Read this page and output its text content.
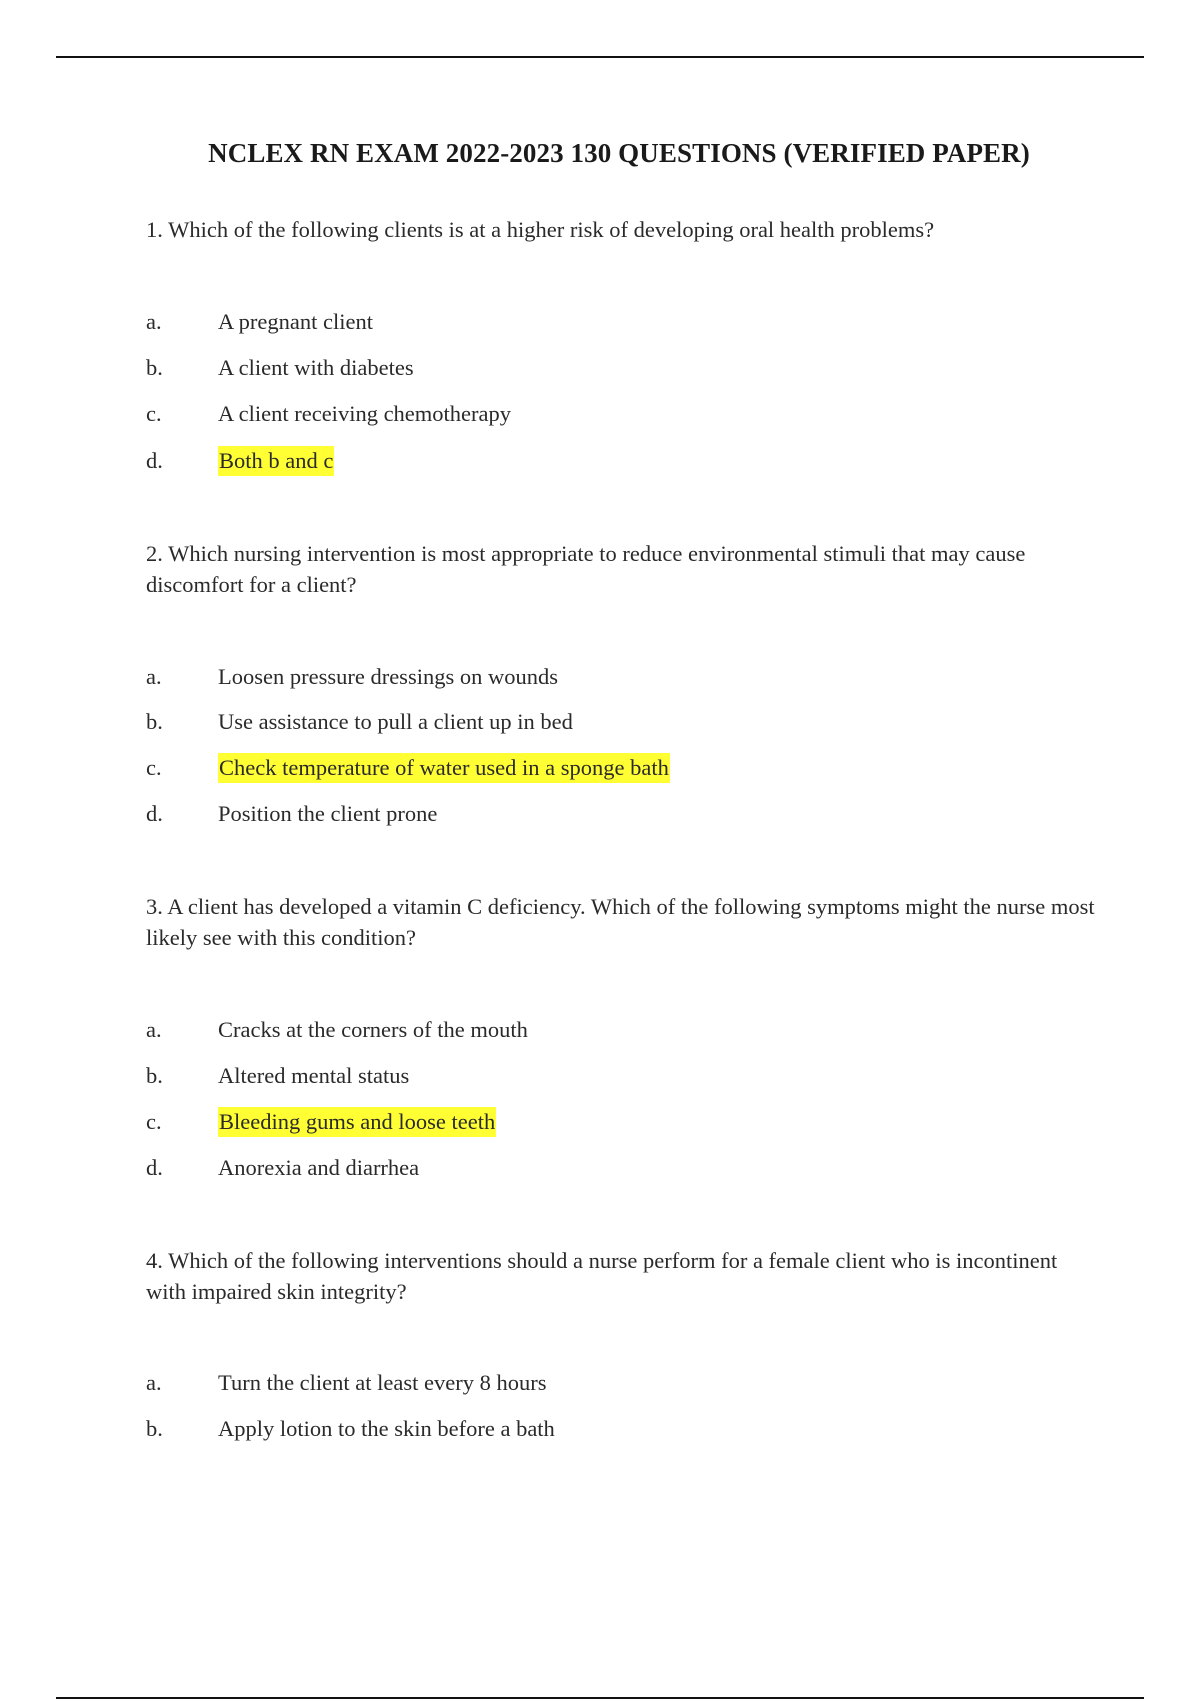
NCLEX RN EXAM 2022-2023 130 QUESTIONS (VERIFIED PAPER)
1. Which of the following clients is at a higher risk of developing oral health problems?
a.	A pregnant client
b. A client with diabetes
c.	A client receiving chemotherapy
d. Both b and c
2. Which nursing intervention is most appropriate to reduce environmental stimuli that may cause discomfort for a client?
a.	Loosen pressure dressings on wounds
b. Use assistance to pull a client up in bed
c.	Check temperature of water used in a sponge bath
d. Position the client prone
3. A client has developed a vitamin C deficiency. Which of the following symptoms might the nurse most likely see with this condition?
a.	Cracks at the corners of the mouth
b. Altered mental status
c.	Bleeding gums and loose teeth
d. Anorexia and diarrhea
4. Which of the following interventions should a nurse perform for a female client who is incontinent with impaired skin integrity?
a.	Turn the client at least every 8 hours
b. Apply lotion to the skin before a bath
